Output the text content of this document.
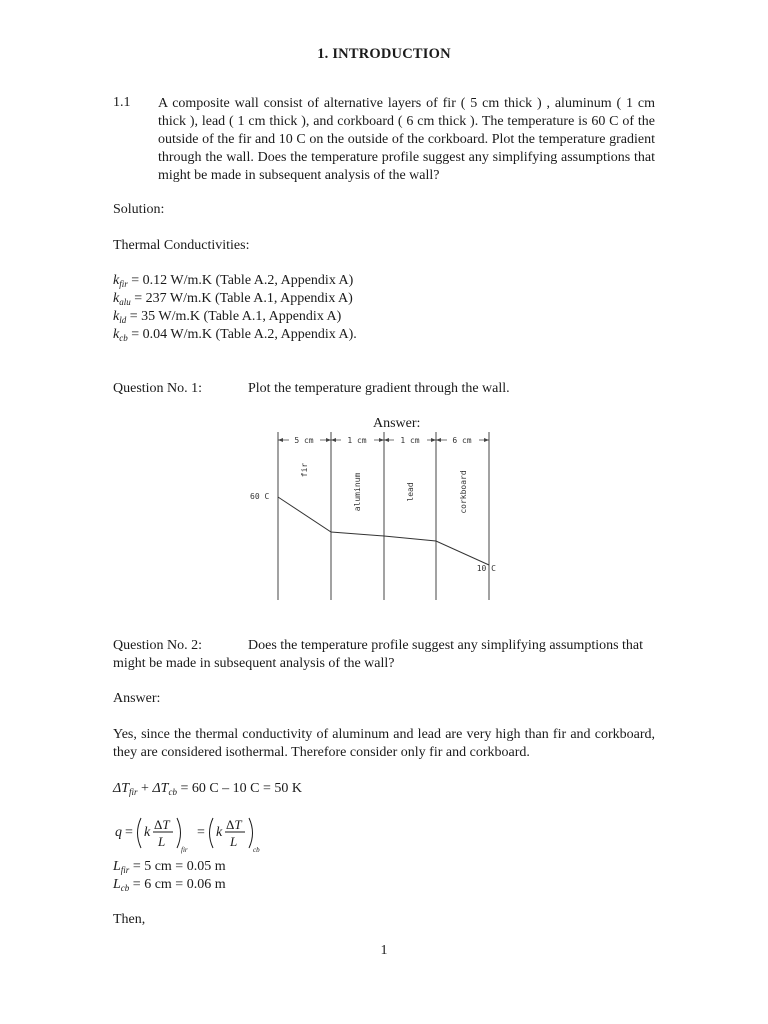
1. INTRODUCTION
1.1 A composite wall consist of alternative layers of fir ( 5 cm thick ) , aluminum ( 1 cm thick ), lead ( 1 cm thick ), and corkboard ( 6 cm thick ). The temperature is 60 C of the outside of the fir and 10 C on the outside of the corkboard. Plot the temperature gradient through the wall. Does the temperature profile suggest any simplifying assumptions that might be made in subsequent analysis of the wall?
Solution:
Thermal Conductivities:
$k_{fir} = 0.12$ W/m.K (Table A.2, Appendix A)
$k_{alu} = 237$ W/m.K (Table A.1, Appendix A)
$k_{ld} = 35$ W/m.K (Table A.1, Appendix A)
$k_{cb} = 0.04$ W/m.K (Table A.2, Appendix A).
Question No. 1:	Plot the temperature gradient through the wall.
Answer:
5 cm	1 cm	1 cm	6 cm
fir
aluminum	lead	corkboard
60 C
10 C
Question No. 2:	Does the temperature profile suggest any simplifying assumptions that might be made in subsequent analysis of the wall?
Answer:
Yes, since the thermal conductivity of aluminum and lead are very high than fir and corkboard, they are considered isothermal. Therefore consider only fir and corkboard.
$\Delta T_{fir} + \Delta T_{cb} = 60$ C – 10 C = 50 K
q = k
ΔT
L
fir
= k
ΔT
L
cb
$L_{fir} = 5$ cm = 0.05 m
$L_{cb} = 6$ cm = 0.06 m
Then,
1
